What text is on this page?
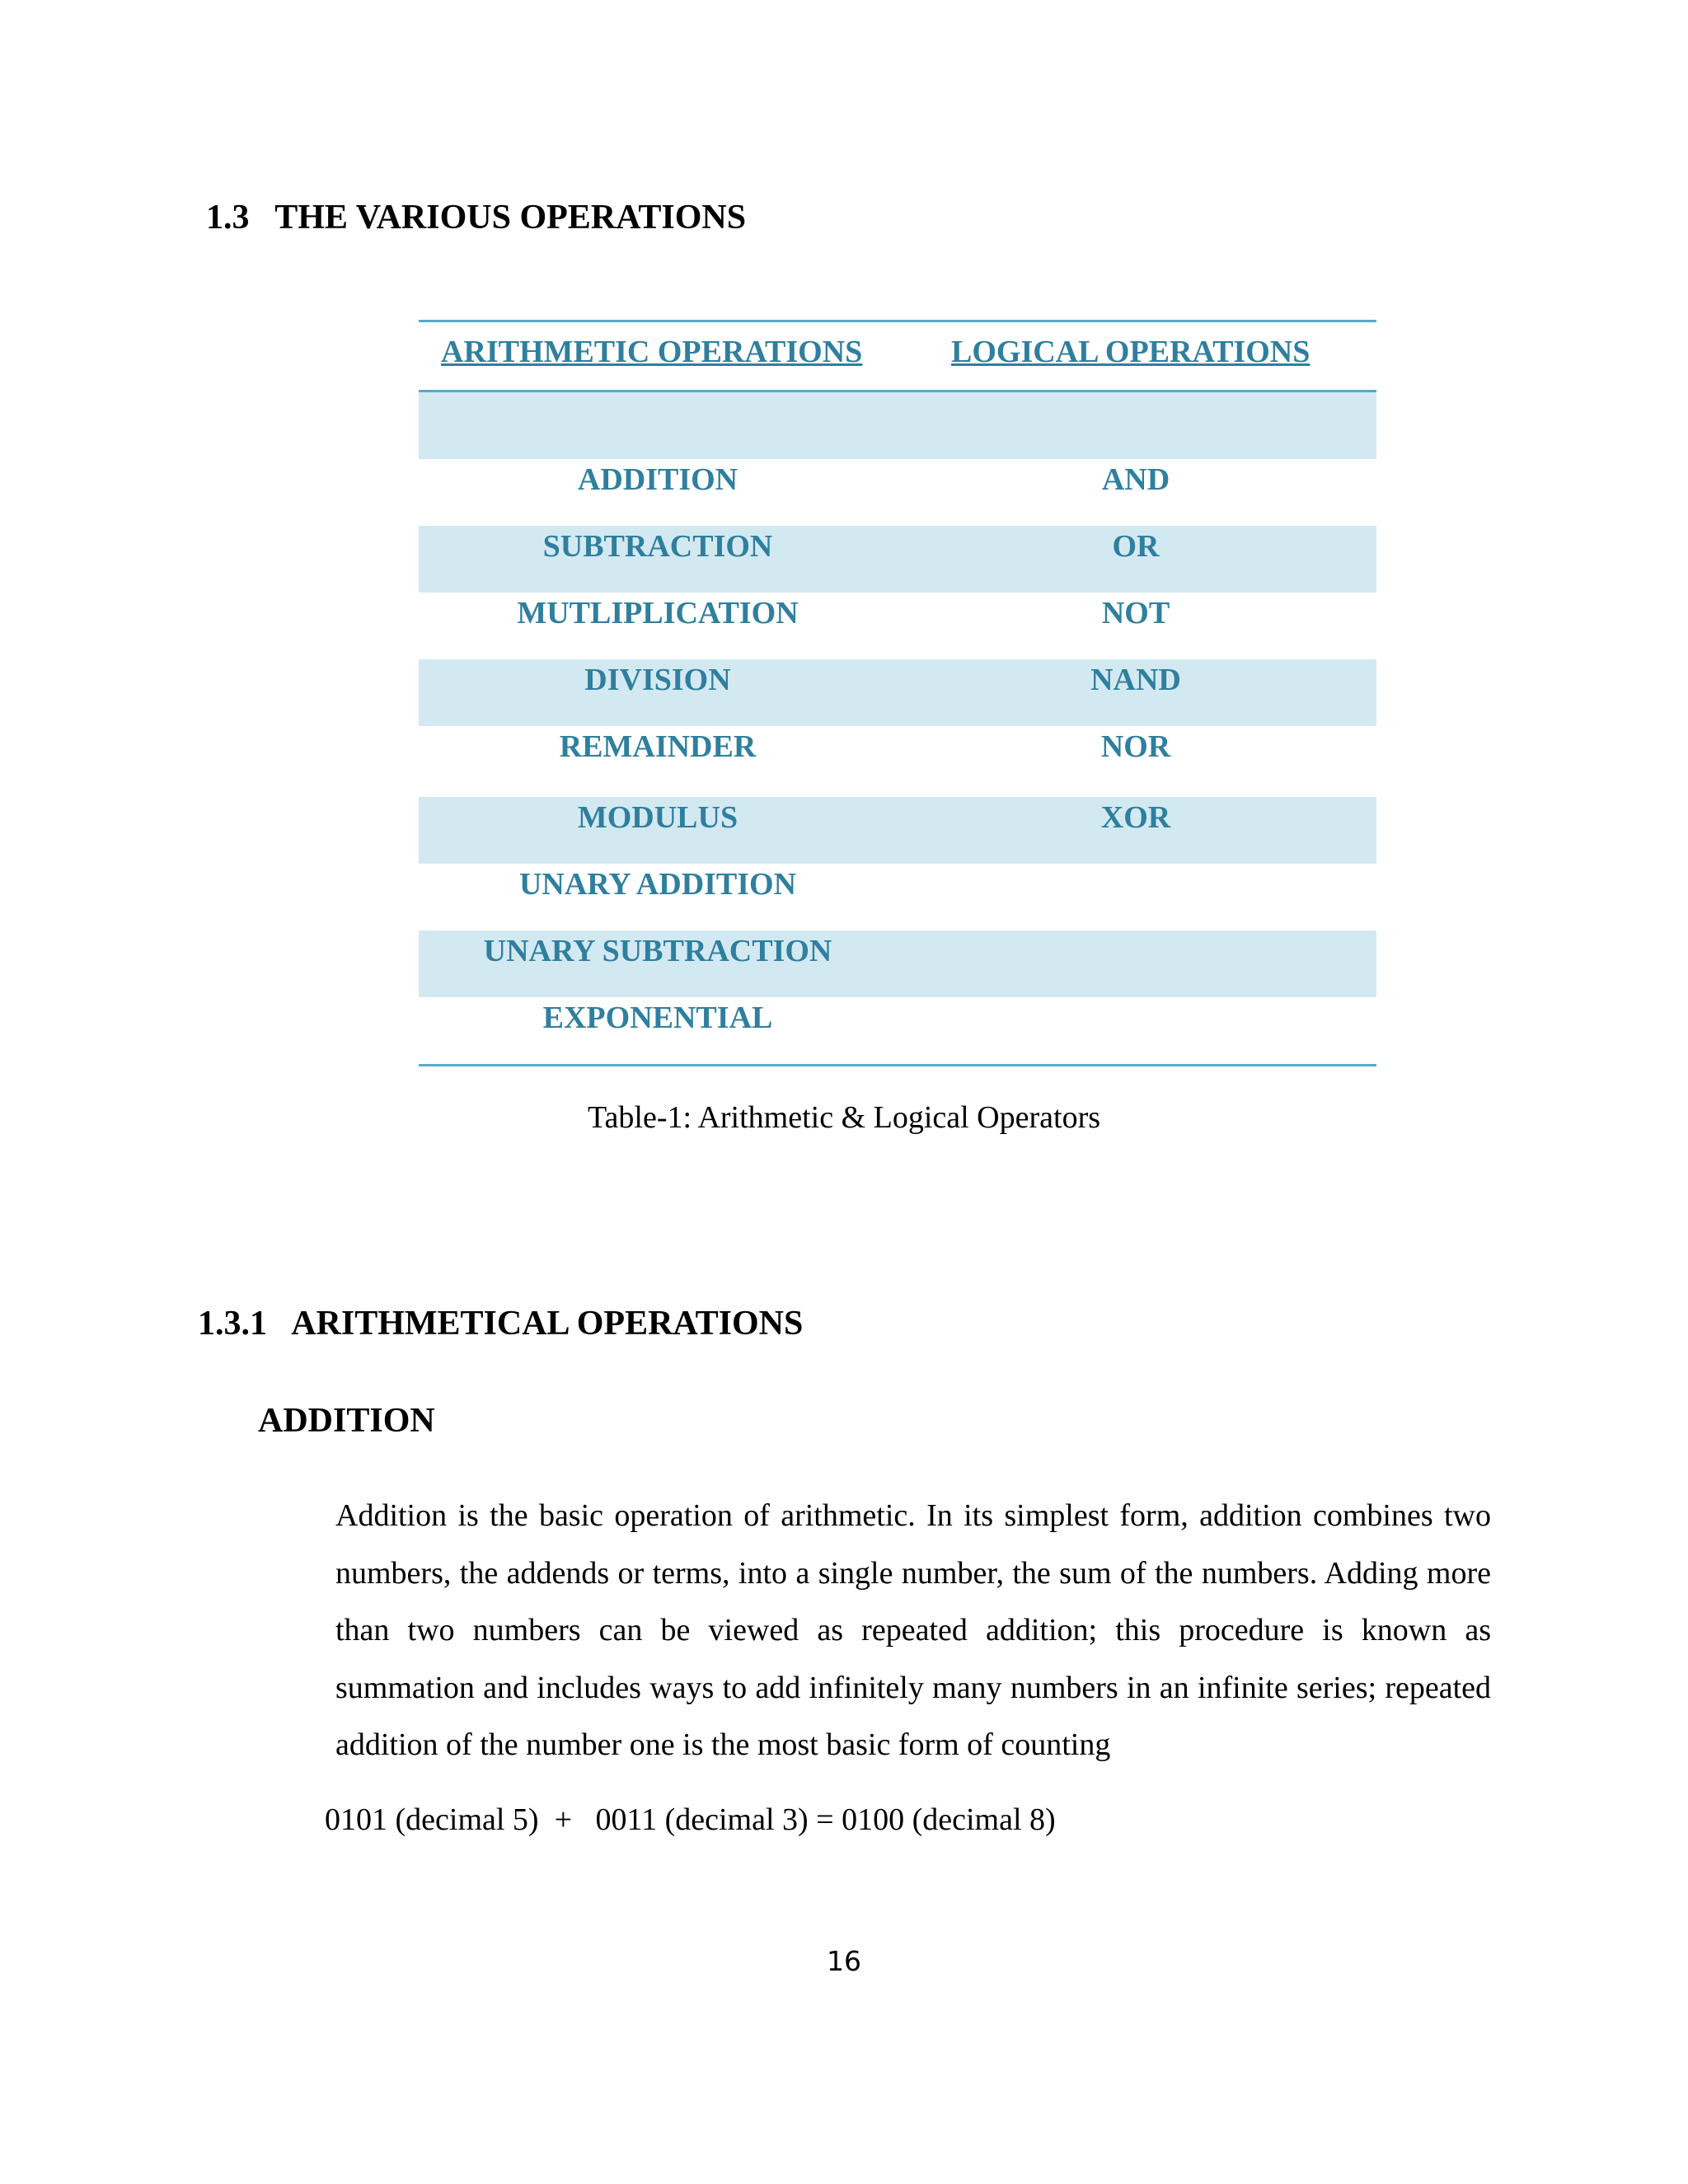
1.3 THE VARIOUS OPERATIONS
ARITHMETIC OPERATIONS	LOGICAL OPERATIONS
ADDITION	AND
SUBTRACTION	OR
MUTLIPLICATION	NOT
DIVISION	NAND
REMAINDER	NOR
MODULUS	XOR
UNARY ADDITION
UNARY SUBTRACTION
EXPONENTIAL

Table-1: Arithmetic & Logical Operators

1.3.1 ARITHMETICAL OPERATIONS
ADDITION

Addition is the basic operation of arithmetic. In its simplest form, addition combines two numbers, the addends or terms, into a single number, the sum of the numbers. Adding more than two numbers can be viewed as repeated addition; this procedure is known as summation and includes ways to add infinitely many numbers in an infinite series; repeated addition of the number one is the most basic form of counting

0101 (decimal 5)  +   0011 (decimal 3) = 0100 (decimal 8)

16
